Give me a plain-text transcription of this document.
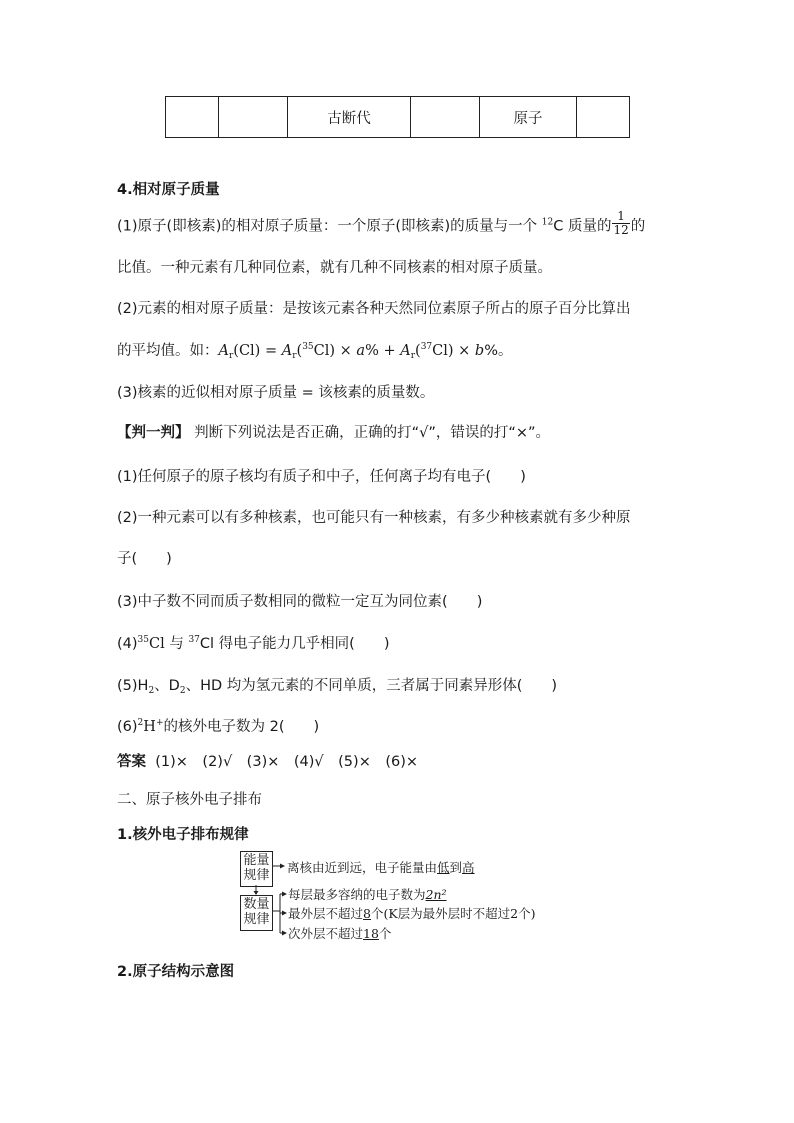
		古断代		原子	
4.相对原子质量
(1)原子(即核素)的相对原子质量：一个原子(即核素)的质量与一个 $^{12}$C 质量的 $\frac{1}{12}$ 的
比值。一种元素有几种同位素，就有几种不同核素的相对原子质量。
(2)元素的相对原子质量：是按该元素各种天然同位素原子所占的原子百分比算出
的平均值。如：$A_r(Cl) = A_r(^{35}Cl) \times a\% + A_r(^{37}Cl) \times b\%$。
(3)核素的近似相对原子质量 = 该核素的质量数。
【判一判】 判断下列说法是否正确，正确的打“√”，错误的打“×”。
(1)任何原子的原子核均有质子和中子，任何离子均有电子(　　)
(2)一种元素可以有多种核素，也可能只有一种核素，有多少种核素就有多少种原
子(　　)
(3)中子数不同而质子数相同的微粒一定互为同位素(　　)
$(4)^{35}Cl$ 与 $^{37}$Cl 得电子能力几乎相同(　　)
$(5)H_2$、$D_2$、HD 均为氢元素的不同单质，三者属于同素异形体(　　)
$(6)^2H^+$的核外电子数为 2(　　)
答案 (1)×　(2)√　(3)×　(4)√　(5)×　(6)×
二、原子核外电子排布
1.核外电子排布规律
能量
规律
数量
规律
离核由近到远，电子能量由低到高
每层最多容纳的电子数为2n²
最外层不超过8个(K层为最外层时不超过2个)
次外层不超过18个
2.原子结构示意图
